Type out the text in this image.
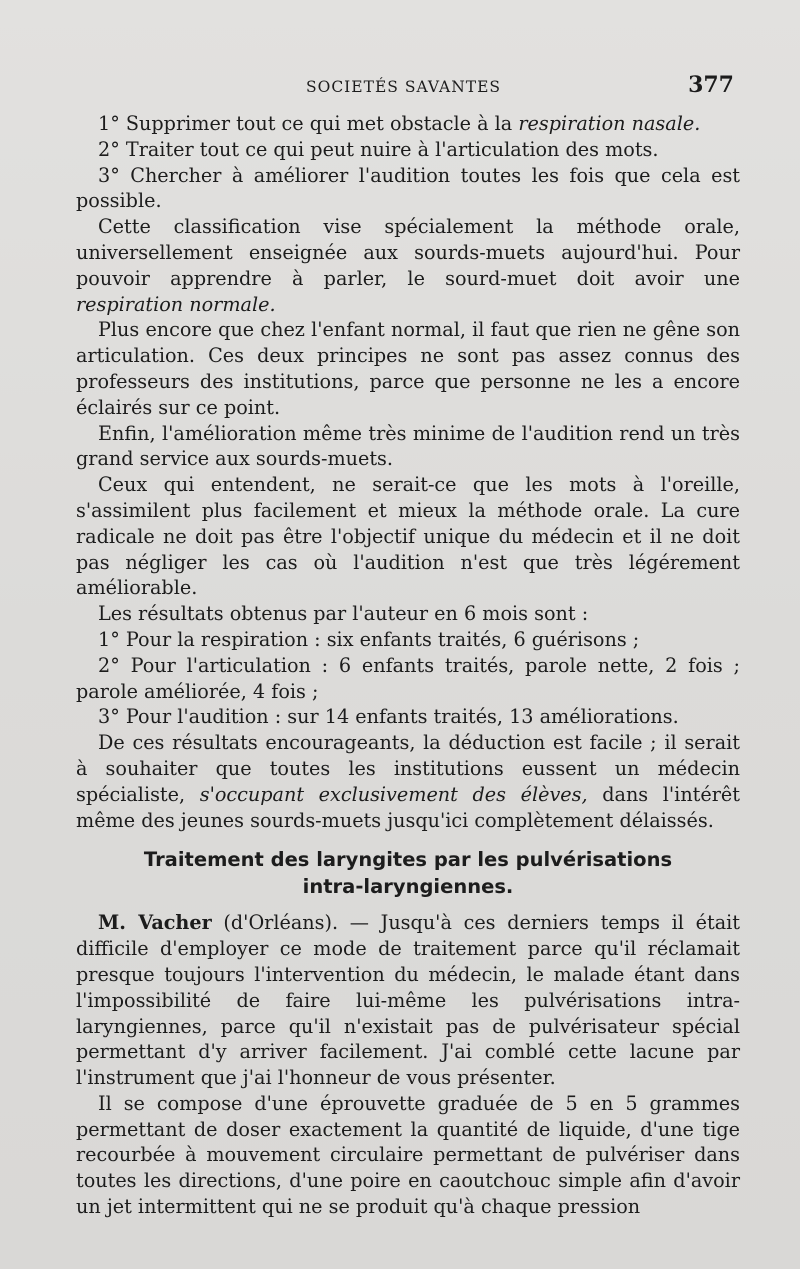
SOCIETÉS SAVANTES	377

1° Supprimer tout ce qui met obstacle à la respiration nasale.

2° Traiter tout ce qui peut nuire à l'articulation des mots.

3° Chercher à améliorer l'audition toutes les fois que cela est possible.

Cette classification vise spécialement la méthode orale, universellement enseignée aux sourds-muets aujourd'hui. Pour pouvoir apprendre à parler, le sourd-muet doit avoir une respiration normale.

Plus encore que chez l'enfant normal, il faut que rien ne gêne son articulation. Ces deux principes ne sont pas assez connus des professeurs des institutions, parce que personne ne les a encore éclairés sur ce point.

Enfin, l'amélioration même très minime de l'audition rend un très grand service aux sourds-muets.

Ceux qui entendent, ne serait-ce que les mots à l'oreille, s'assimilent plus facilement et mieux la méthode orale. La cure radicale ne doit pas être l'objectif unique du médecin et il ne doit pas négliger les cas où l'audition n'est que très légérement améliorable.

Les résultats obtenus par l'auteur en 6 mois sont :

1° Pour la respiration : six enfants traités, 6 guérisons ;

2° Pour l'articulation : 6 enfants traités, parole nette, 2 fois ; parole améliorée, 4 fois ;

3° Pour l'audition : sur 14 enfants traités, 13 améliorations.

De ces résultats encourageants, la déduction est facile ; il serait à souhaiter que toutes les institutions eussent un médecin spécialiste, s'occupant exclusivement des élèves, dans l'intérêt même des jeunes sourds-muets jusqu'ici complètement délaissés.

Traitement des laryngites par les pulvérisations
intra-laryngiennes.

M. Vacher (d'Orléans). — Jusqu'à ces derniers temps il était difficile d'employer ce mode de traitement parce qu'il réclamait presque toujours l'intervention du médecin, le malade étant dans l'impossibilité de faire lui-même les pulvérisations intra-laryngiennes, parce qu'il n'existait pas de pulvérisateur spécial permettant d'y arriver facilement. J'ai comblé cette lacune par l'instrument que j'ai l'honneur de vous présenter.

Il se compose d'une éprouvette graduée de 5 en 5 grammes permettant de doser exactement la quantité de liquide, d'une tige recourbée à mouvement circulaire permettant de pulvériser dans toutes les directions, d'une poire en caoutchouc simple afin d'avoir un jet intermittent qui ne se produit qu'à chaque pression
